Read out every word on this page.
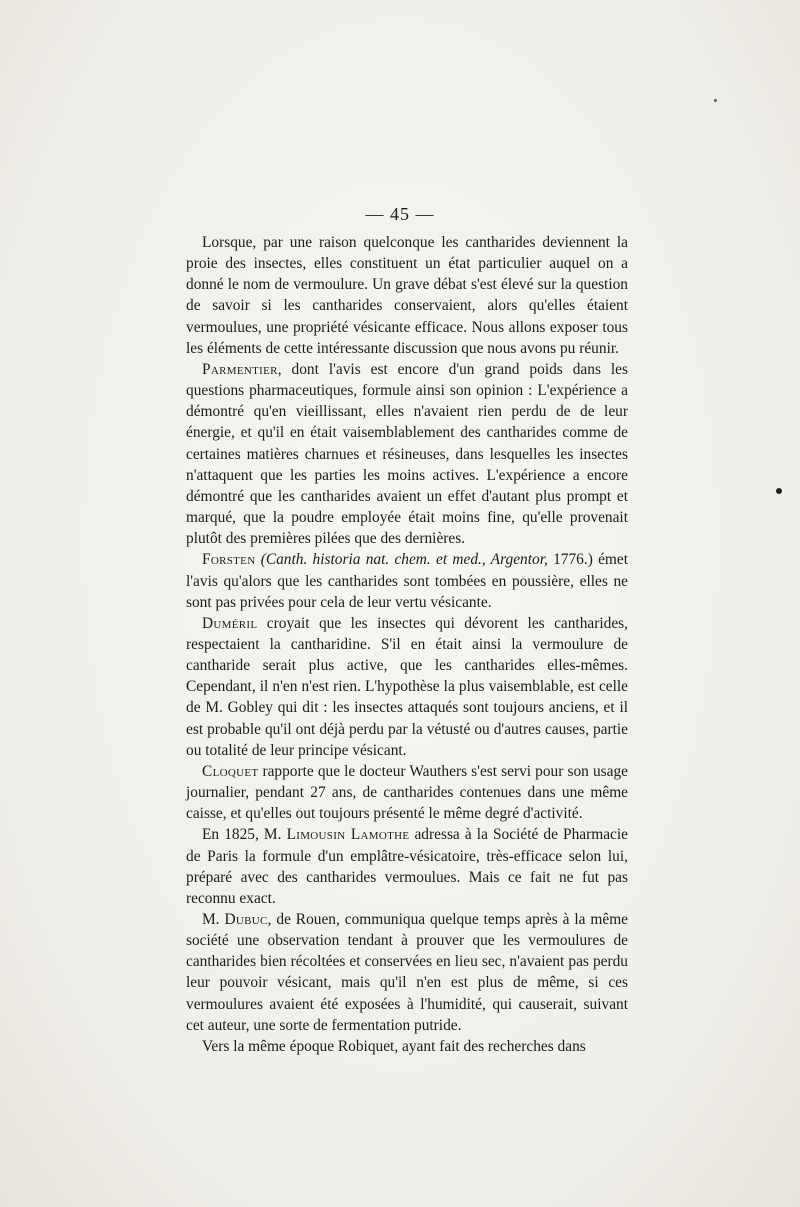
— 45 —

Lorsque, par une raison quelconque les cantharides deviennent la proie des insectes, elles constituent un état particulier auquel on a donné le nom de vermoulure. Un grave débat s'est élevé sur la question de savoir si les cantharides conservaient, alors qu'elles étaient vermoulues, une propriété vésicante efficace. Nous allons exposer tous les éléments de cette intéressante discussion que nous avons pu réunir.

Parmentier, dont l'avis est encore d'un grand poids dans les questions pharmaceutiques, formule ainsi son opinion : L'expérience a démontré qu'en vieillissant, elles n'avaient rien perdu de de leur énergie, et qu'il en était vaisemblablement des cantharides comme de certaines matières charnues et résineuses, dans lesquelles les insectes n'attaquent que les parties les moins actives. L'expérience a encore démontré que les cantharides avaient un effet d'autant plus prompt et marqué, que la poudre employée était moins fine, qu'elle provenait plutôt des premières pilées que des dernières.

Forsten (Canth. historia nat. chem. et med., Argentor, 1776.) émet l'avis qu'alors que les cantharides sont tombées en poussière, elles ne sont pas privées pour cela de leur vertu vésicante.

Duméril croyait que les insectes qui dévorent les cantharides, respectaient la cantharidine. S'il en était ainsi la vermoulure de cantharide serait plus active, que les cantharides elles-mêmes. Cependant, il n'en n'est rien. L'hypothèse la plus vaisemblable, est celle de M. Gobley qui dit : les insectes attaqués sont toujours anciens, et il est probable qu'il ont déjà perdu par la vétusté ou d'autres causes, partie ou totalité de leur principe vésicant.

Cloquet rapporte que le docteur Wauthers s'est servi pour son usage journalier, pendant 27 ans, de cantharides contenues dans une même caisse, et qu'elles out toujours présenté le même degré d'activité.

En 1825, M. Limousin Lamothe adressa à la Société de Pharmacie de Paris la formule d'un emplâtre-vésicatoire, très-efficace selon lui, préparé avec des cantharides vermoulues. Mais ce fait ne fut pas reconnu exact.

M. Dubuc, de Rouen, communiqua quelque temps après à la même société une observation tendant à prouver que les vermoulures de cantharides bien récoltées et conservées en lieu sec, n'avaient pas perdu leur pouvoir vésicant, mais qu'il n'en est plus de même, si ces vermoulures avaient été exposées à l'humidité, qui causerait, suivant cet auteur, une sorte de fermentation putride.

Vers la même époque Robiquet, ayant fait des recherches dans
